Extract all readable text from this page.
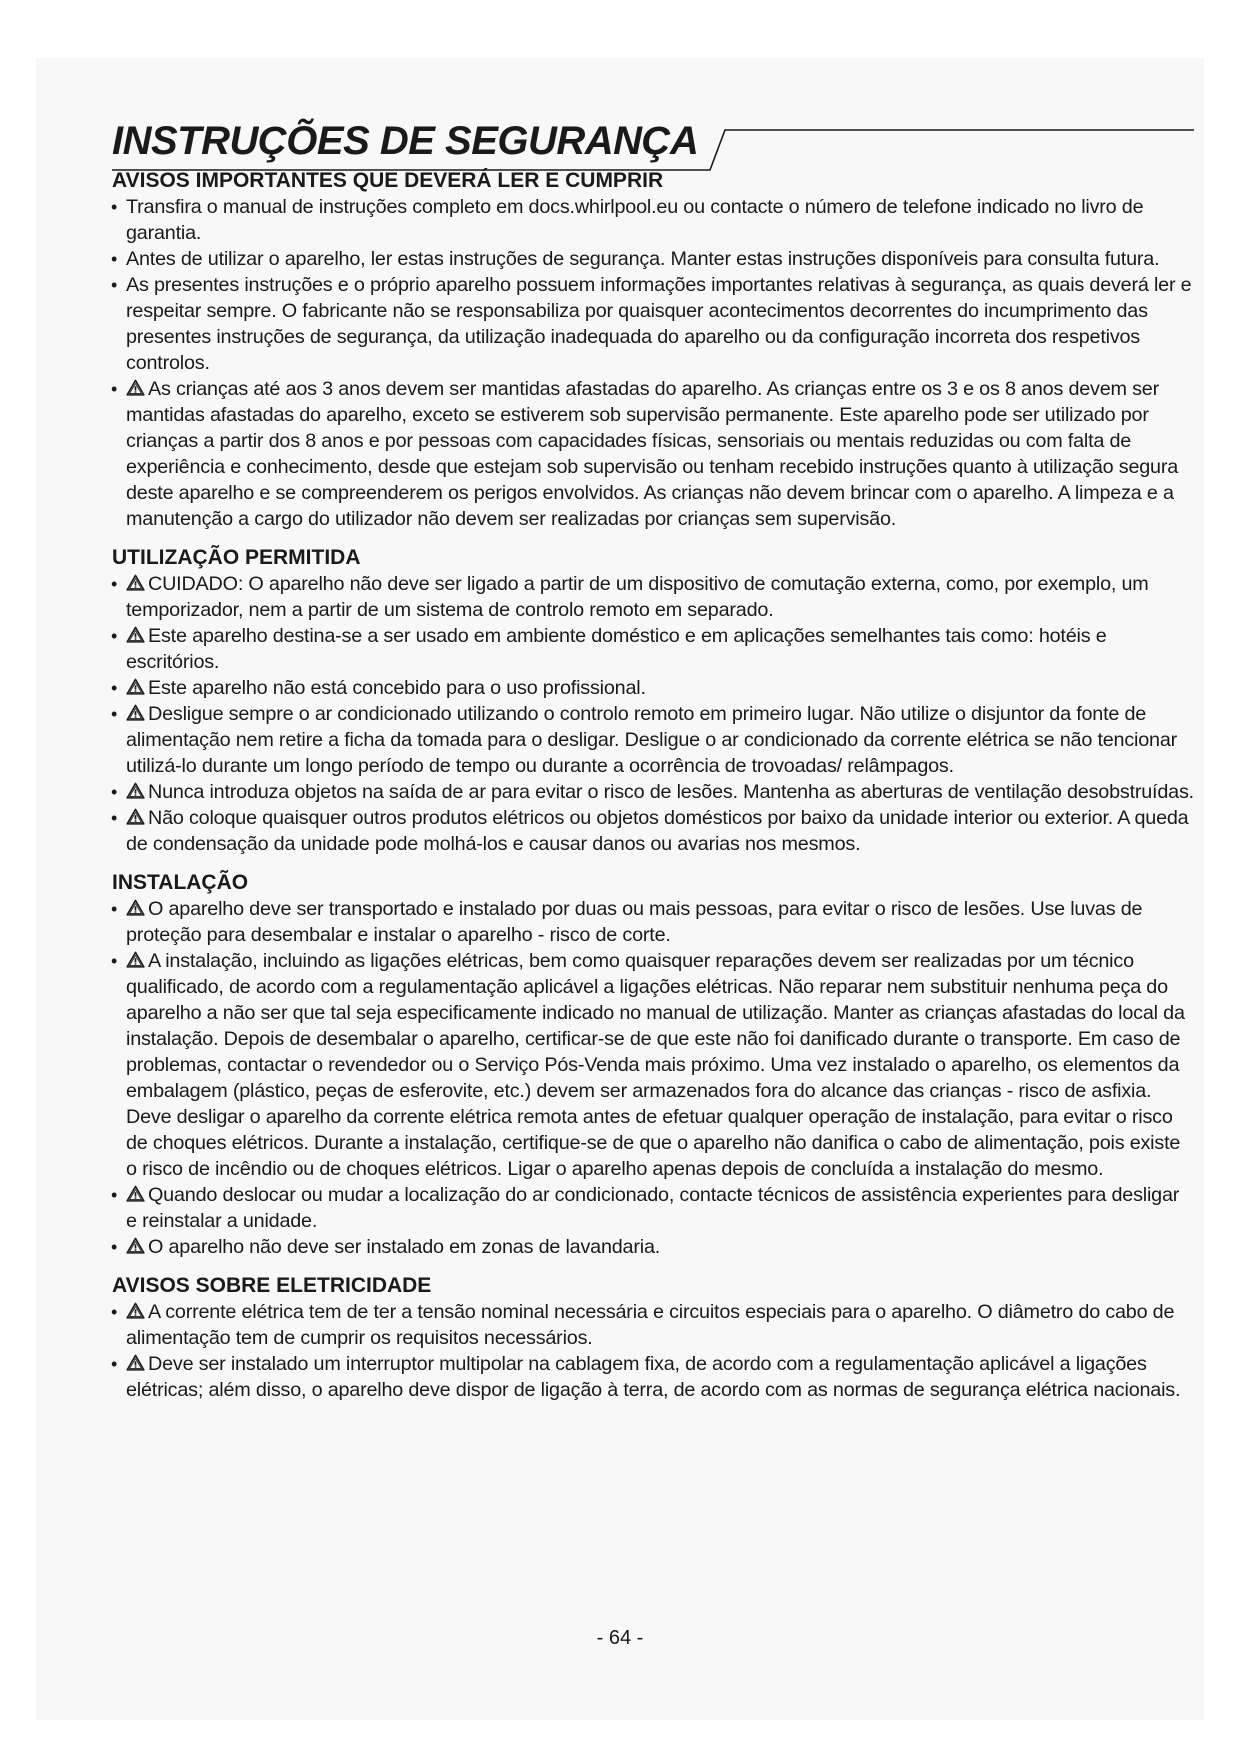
INSTRUÇÕES DE SEGURANÇA
AVISOS IMPORTANTES QUE DEVERÁ LER E CUMPRIR
• Transfira o manual de instruções completo em docs.whirlpool.eu ou contacte o número de telefone indicado no livro de garantia.
• Antes de utilizar o aparelho, ler estas instruções de segurança. Manter estas instruções disponíveis para consulta futura.
• As presentes instruções e o próprio aparelho possuem informações importantes relativas à segurança, as quais deverá ler e respeitar sempre. O fabricante não se responsabiliza por quaisquer acontecimentos decorrentes do incumprimento das presentes instruções de segurança, da utilização inadequada do aparelho ou da configuração incorreta dos respetivos controlos.
• As crianças até aos 3 anos devem ser mantidas afastadas do aparelho. As crianças entre os 3 e os 8 anos devem ser mantidas afastadas do aparelho, exceto se estiverem sob supervisão permanente. Este aparelho pode ser utilizado por crianças a partir dos 8 anos e por pessoas com capacidades físicas, sensoriais ou mentais reduzidas ou com falta de experiência e conhecimento, desde que estejam sob supervisão ou tenham recebido instruções quanto à utilização segura deste aparelho e se compreenderem os perigos envolvidos. As crianças não devem brincar com o aparelho. A limpeza e a manutenção a cargo do utilizador não devem ser realizadas por crianças sem supervisão.
UTILIZAÇÃO PERMITIDA
• CUIDADO: O aparelho não deve ser ligado a partir de um dispositivo de comutação externa, como, por exemplo, um temporizador, nem a partir de um sistema de controlo remoto em separado.
• Este aparelho destina-se a ser usado em ambiente doméstico e em aplicações semelhantes tais como: hotéis e escritórios.
• Este aparelho não está concebido para o uso profissional.
• Desligue sempre o ar condicionado utilizando o controlo remoto em primeiro lugar. Não utilize o disjuntor da fonte de alimentação nem retire a ficha da tomada para o desligar. Desligue o ar condicionado da corrente elétrica se não tencionar utilizá-lo durante um longo período de tempo ou durante a ocorrência de trovoadas/ relâmpagos.
• Nunca introduza objetos na saída de ar para evitar o risco de lesões. Mantenha as aberturas de ventilação desobstruídas.
• Não coloque quaisquer outros produtos elétricos ou objetos domésticos por baixo da unidade interior ou exterior. A queda de condensação da unidade pode molhá-los e causar danos ou avarias nos mesmos.
INSTALAÇÃO
• O aparelho deve ser transportado e instalado por duas ou mais pessoas, para evitar o risco de lesões. Use luvas de proteção para desembalar e instalar o aparelho - risco de corte.
• A instalação, incluindo as ligações elétricas, bem como quaisquer reparações devem ser realizadas por um técnico qualificado, de acordo com a regulamentação aplicável a ligações elétricas. Não reparar nem substituir nenhuma peça do aparelho a não ser que tal seja especificamente indicado no manual de utilização. Manter as crianças afastadas do local da instalação. Depois de desembalar o aparelho, certificar-se de que este não foi danificado durante o transporte. Em caso de problemas, contactar o revendedor ou o Serviço Pós-Venda mais próximo. Uma vez instalado o aparelho, os elementos da embalagem (plástico, peças de esferovite, etc.) devem ser armazenados fora do alcance das crianças - risco de asfixia. Deve desligar o aparelho da corrente elétrica remota antes de efetuar qualquer operação de instalação, para evitar o risco de choques elétricos. Durante a instalação, certifique-se de que o aparelho não danifica o cabo de alimentação, pois existe o risco de incêndio ou de choques elétricos. Ligar o aparelho apenas depois de concluída a instalação do mesmo.
• Quando deslocar ou mudar a localização do ar condicionado, contacte técnicos de assistência experientes para desligar e reinstalar a unidade.
• O aparelho não deve ser instalado em zonas de lavandaria.
AVISOS SOBRE ELETRICIDADE
• A corrente elétrica tem de ter a tensão nominal necessária e circuitos especiais para o aparelho. O diâmetro do cabo de alimentação tem de cumprir os requisitos necessários.
• Deve ser instalado um interruptor multipolar na cablagem fixa, de acordo com a regulamentação aplicável a ligações elétricas; além disso, o aparelho deve dispor de ligação à terra, de acordo com as normas de segurança elétrica nacionais.
- 64 -
